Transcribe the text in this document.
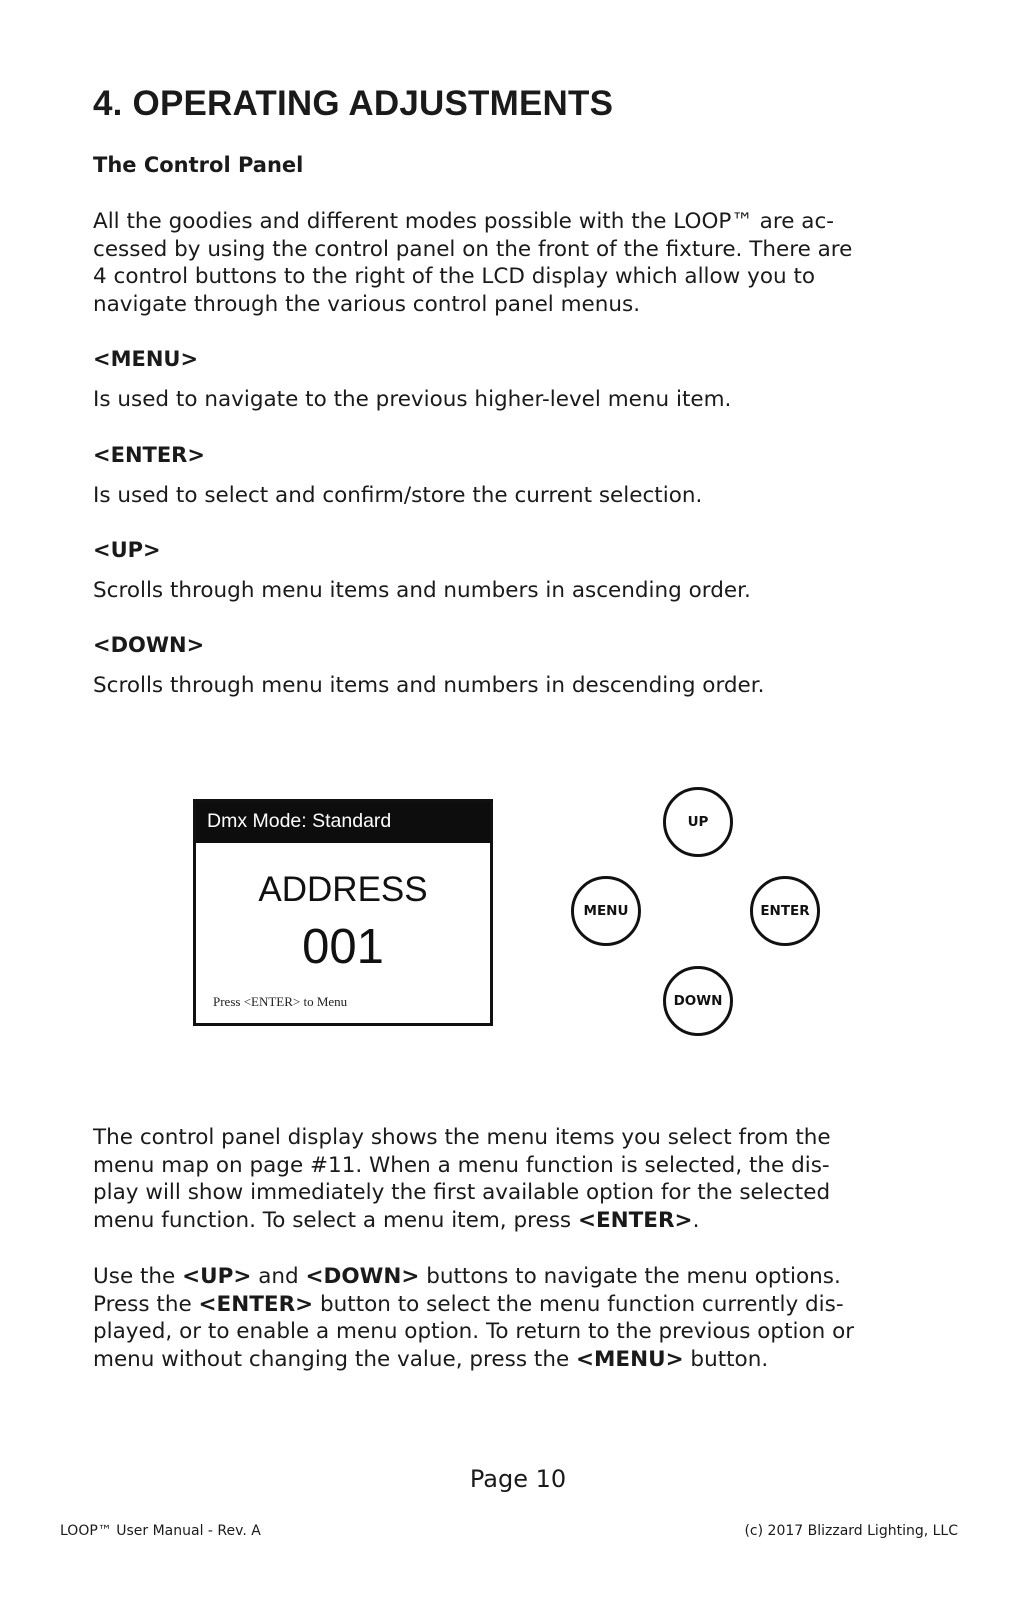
4. OPERATING ADJUSTMENTS

The Control Panel

All the goodies and different modes possible with the LOOP™ are ac-
cessed by using the control panel on the front of the fixture. There are
4 control buttons to the right of the LCD display which allow you to
navigate through the various control panel menus.

<MENU>

Is used to navigate to the previous higher-level menu item.

<ENTER>

Is used to select and confirm/store the current selection.

<UP>

Scrolls through menu items and numbers in ascending order.

<DOWN>

Scrolls through menu items and numbers in descending order.

Dmx Mode: Standard
ADDRESS
001
Press <ENTER> to Menu
UP
MENU	ENTER
DOWN

The control panel display shows the menu items you select from the
menu map on page #11. When a menu function is selected, the dis-
play will show immediately the first available option for the selected
menu function. To select a menu item, press <ENTER>.

Use the <UP> and <DOWN> buttons to navigate the menu options.
Press the <ENTER> button to select the menu function currently dis-
played, or to enable a menu option. To return to the previous option or
menu without changing the value, press the <MENU> button.

Page 10
LOOP™ User Manual - Rev. A	(c) 2017 Blizzard Lighting, LLC
